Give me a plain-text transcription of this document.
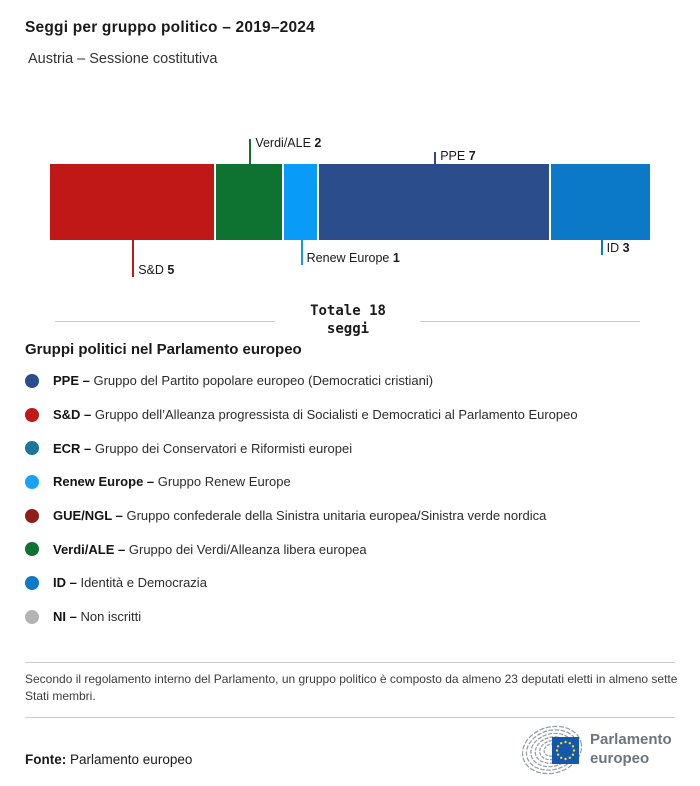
Seggi per gruppo politico – 2019–2024
Austria – Sessione costitutiva
S&D 5
Verdi/ALE 2
Renew Europe 1
PPE 7
ID 3
Totale 18 seggi
Gruppi politici nel Parlamento europeo
PPE – Gruppo del Partito popolare europeo (Democratici cristiani)
S&D – Gruppo dell’Alleanza progressista di Socialisti e Democratici al Parlamento Europeo
ECR – Gruppo dei Conservatori e Riformisti europei
Renew Europe – Gruppo Renew Europe
GUE/NGL – Gruppo confederale della Sinistra unitaria europea/Sinistra verde nordica
Verdi/ALE – Gruppo dei Verdi/Alleanza libera europea
ID – Identità e Democrazia
NI – Non iscritti
Secondo il regolamento interno del Parlamento, un gruppo politico è composto da almeno 23 deputati eletti in almeno sette Stati membri.
Fonte: Parlamento europeo
Parlamento
europeo
